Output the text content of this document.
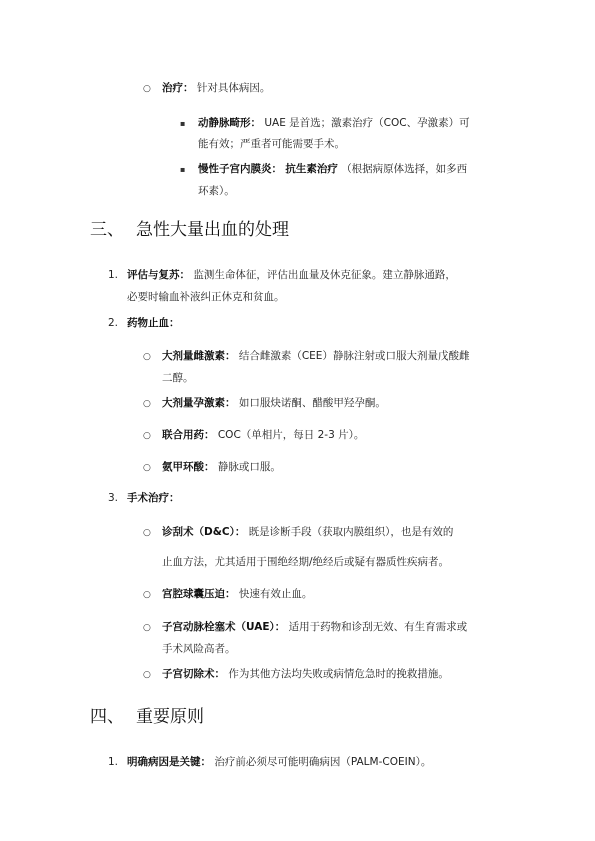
○ 治疗： 针对具体病因。
▪ 动静脉畸形： UAE 是首选；激素治疗（COC、孕激素）可
能有效；严重者可能需要手术。
▪ 慢性子宫内膜炎： 抗生素治疗 （根据病原体选择，如多西
环素）。
三、 急性大量出血的处理
1. 评估与复苏： 监测生命体征，评估出血量及休克征象。建立静脉通路，
必要时输血补液纠正休克和贫血。
2. 药物止血：
○ 大剂量雌激素： 结合雌激素（CEE）静脉注射或口服大剂量戊酸雌
二醇。
○ 大剂量孕激素： 如口服炔诺酮、醋酸甲羟孕酮。
○ 联合用药： COC（单相片，每日 2-3 片）。
○ 氨甲环酸： 静脉或口服。
3. 手术治疗：
○ 诊刮术（D&C）： 既是诊断手段（获取内膜组织），也是有效的
止血方法，尤其适用于围绝经期/绝经后或疑有器质性疾病者。
○ 宫腔球囊压迫： 快速有效止血。
○ 子宫动脉栓塞术（UAE）： 适用于药物和诊刮无效、有生育需求或
手术风险高者。
○ 子宫切除术： 作为其他方法均失败或病情危急时的挽救措施。
四、 重要原则
1. 明确病因是关键： 治疗前必须尽可能明确病因（PALM-COEIN）。
